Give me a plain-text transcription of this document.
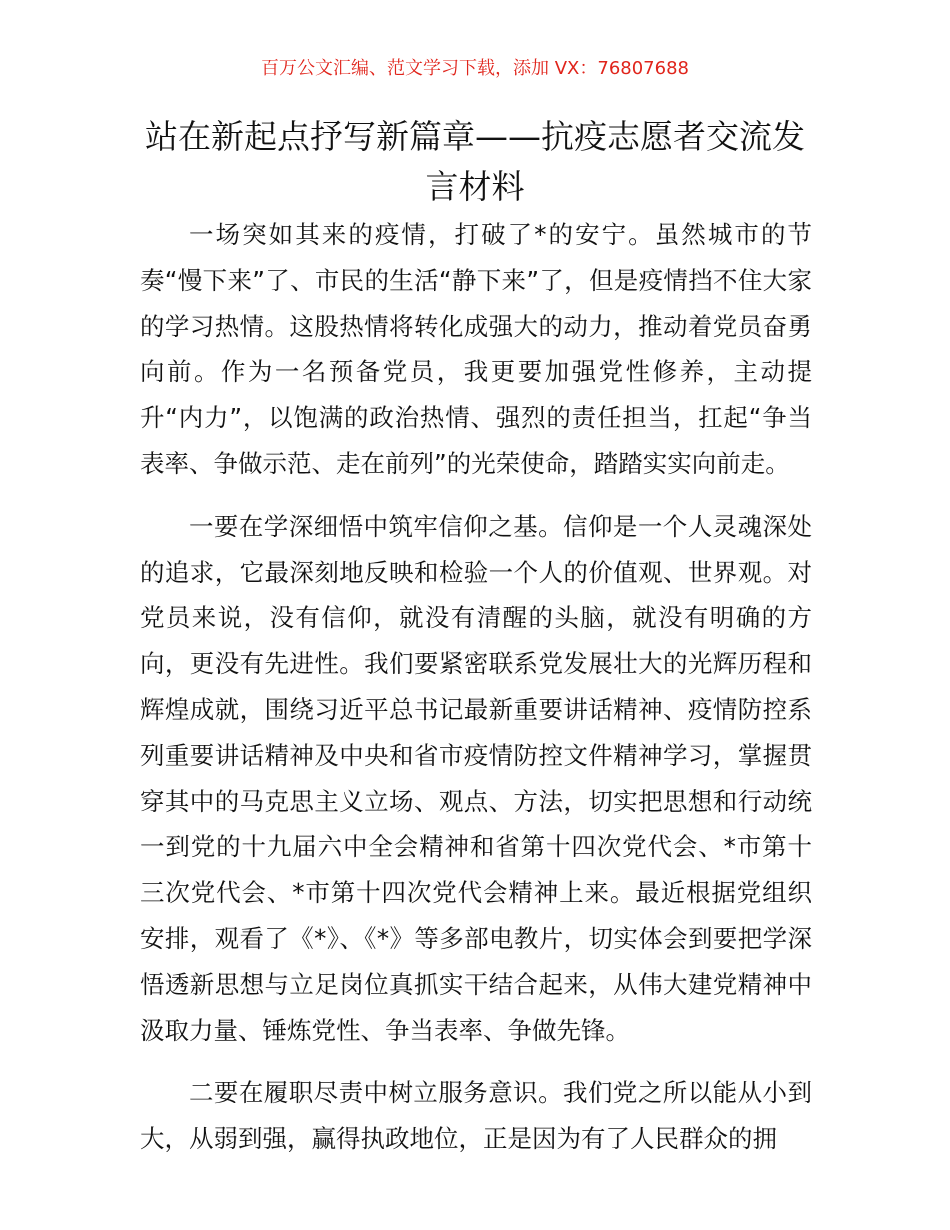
百万公文汇编、范文学习下载，添加 VX：76807688
站在新起点抒写新篇章——抗疫志愿者交流发言材料

一场突如其来的疫情，打破了*的安宁。虽然城市的节奏“慢下来”了、市民的生活“静下来”了，但是疫情挡不住大家的学习热情。这股热情将转化成强大的动力，推动着党员奋勇向前。作为一名预备党员，我更要加强党性修养，主动提升“内力”，以饱满的政治热情、强烈的责任担当，扛起“争当表率、争做示范、走在前列”的光荣使命，踏踏实实向前走。

一要在学深细悟中筑牢信仰之基。信仰是一个人灵魂深处的追求，它最深刻地反映和检验一个人的价值观、世界观。对党员来说，没有信仰，就没有清醒的头脑，就没有明确的方向，更没有先进性。我们要紧密联系党发展壮大的光辉历程和辉煌成就，围绕习近平总书记最新重要讲话精神、疫情防控系列重要讲话精神及中央和省市疫情防控文件精神学习，掌握贯穿其中的马克思主义立场、观点、方法，切实把思想和行动统一到党的十九届六中全会精神和省第十四次党代会、*市第十三次党代会、*市第十四次党代会精神上来。最近根据党组织安排，观看了《*》、《*》等多部电教片，切实体会到要把学深悟透新思想与立足岗位真抓实干结合起来，从伟大建党精神中汲取力量、锤炼党性、争当表率、争做先锋。

二要在履职尽责中树立服务意识。我们党之所以能从小到大，从弱到强，赢得执政地位，正是因为有了人民群众的拥
